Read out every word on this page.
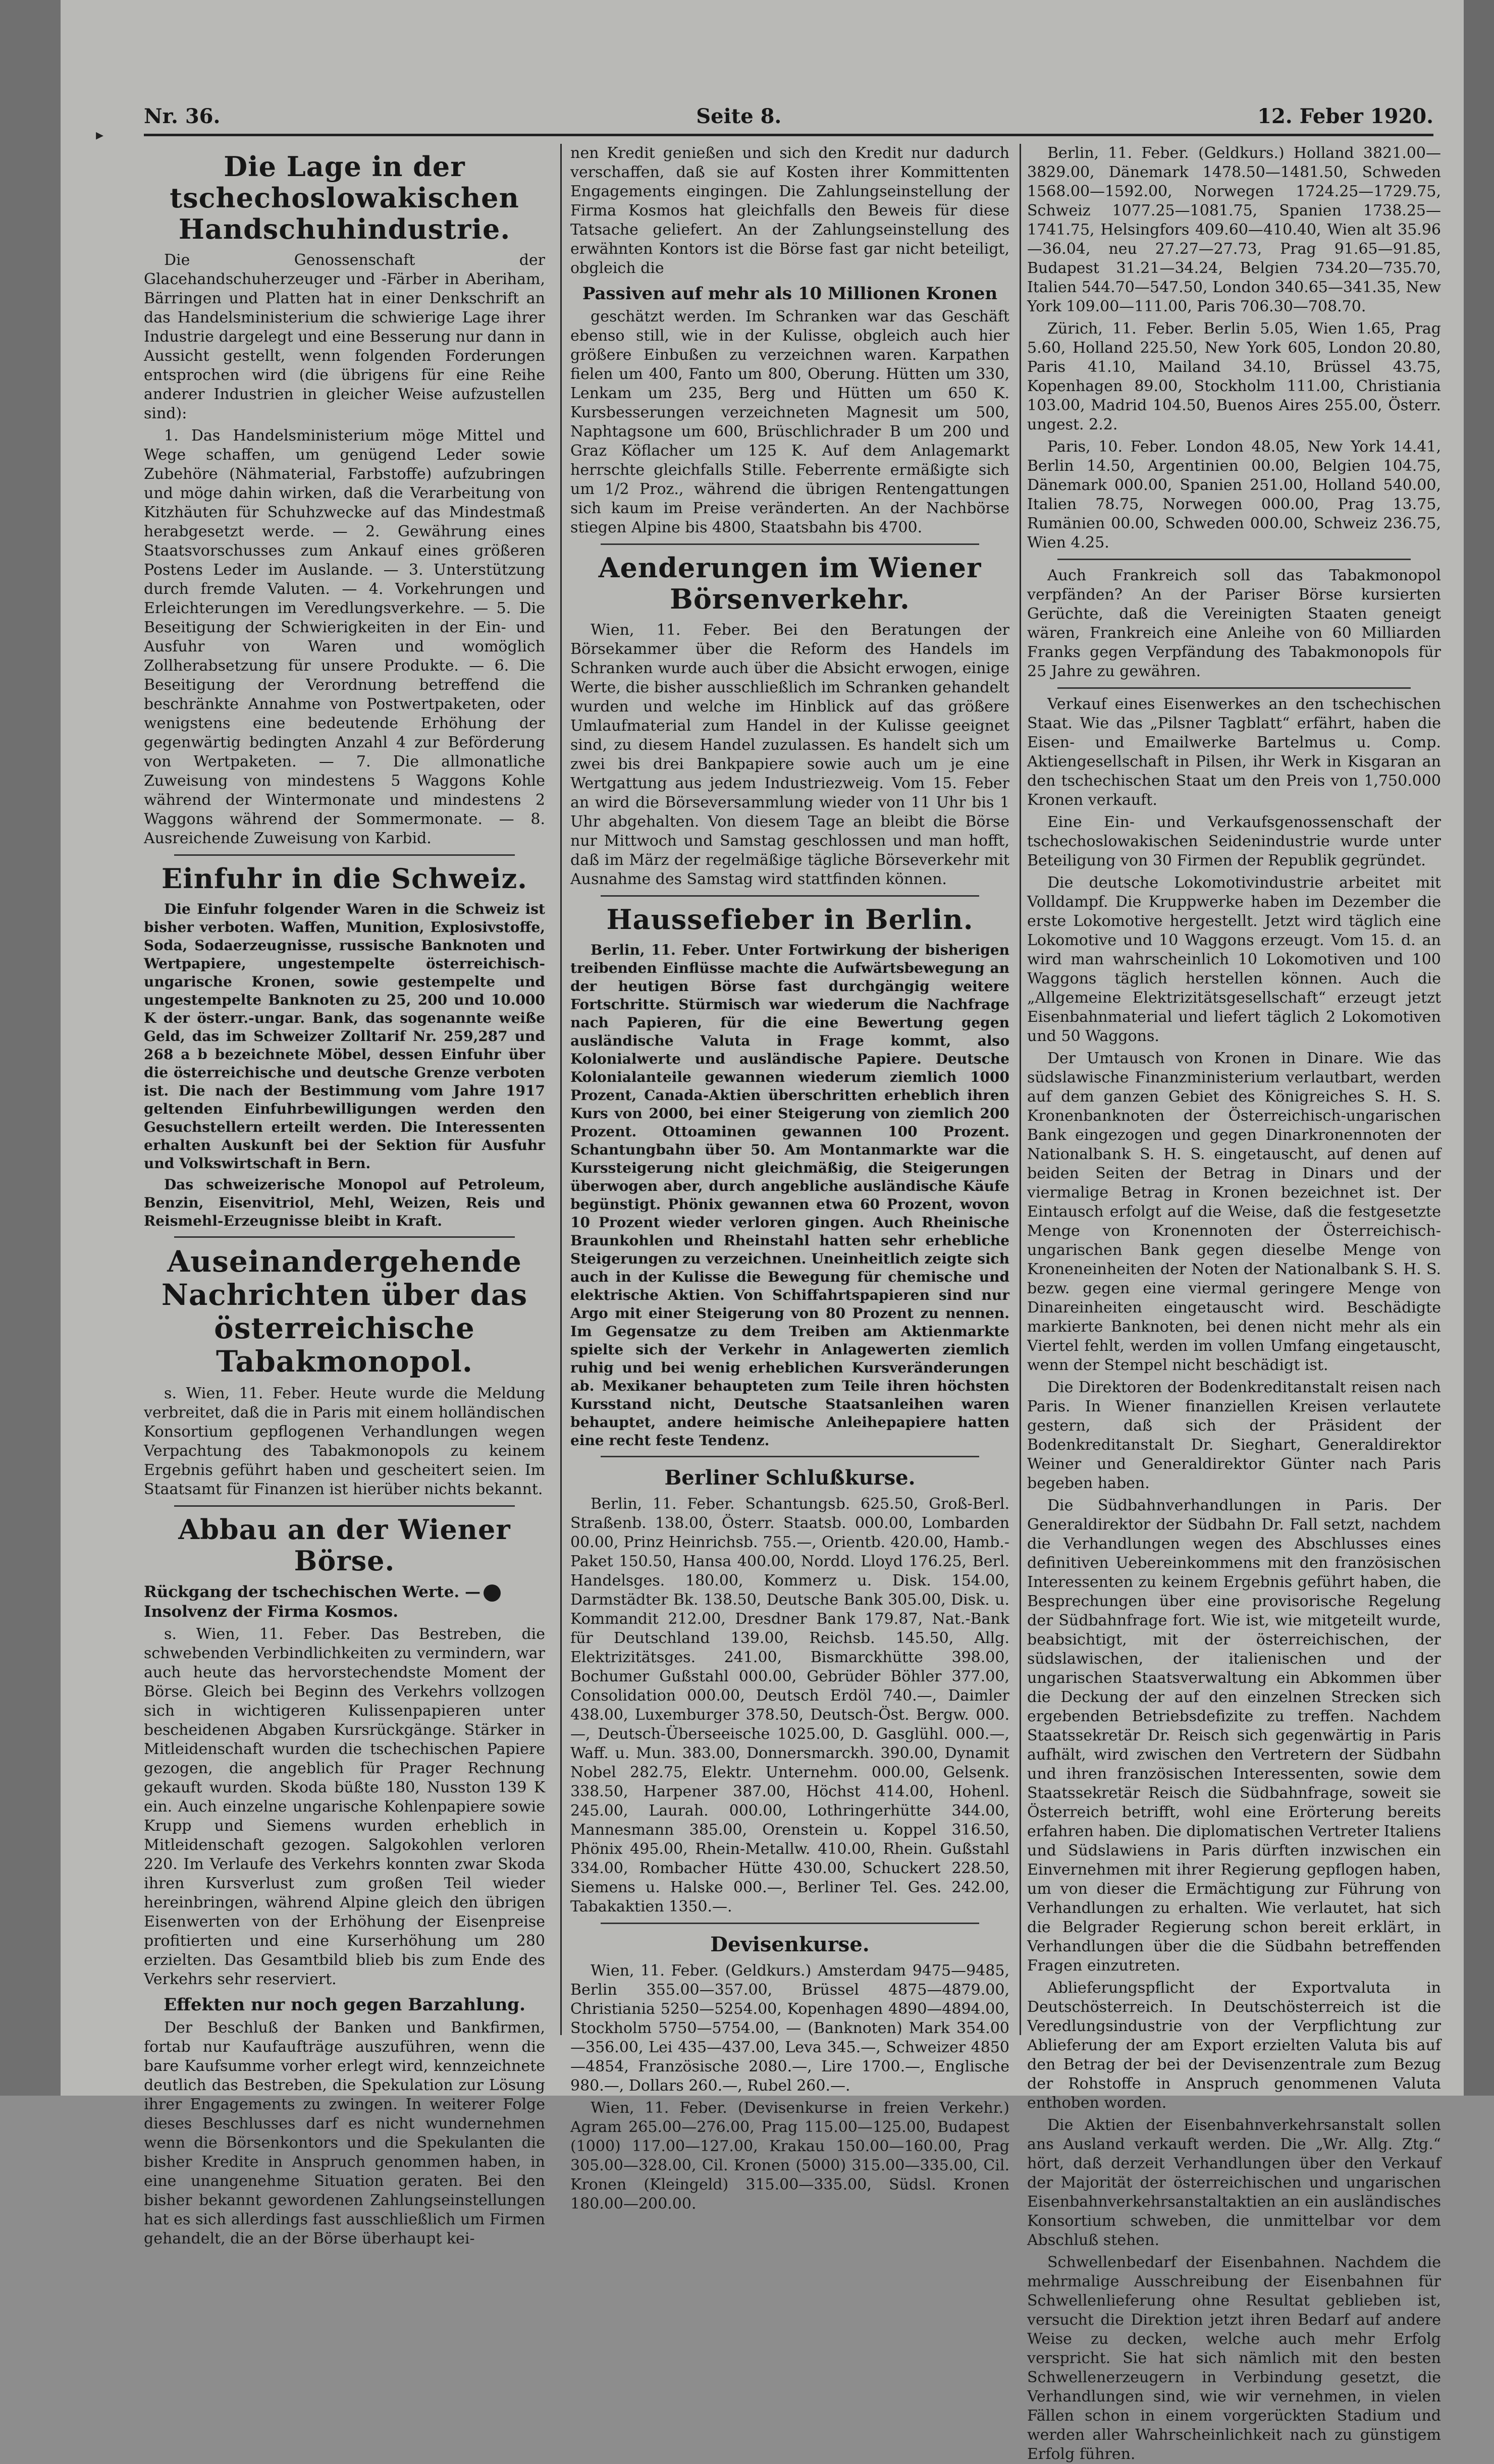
▸
Nr. 36.	Seite 8.	12. Feber 1920.
Die Lage in der tschechoslowakischen Handschuhindustrie.

Die Genossenschaft der Glacehandschuherzeuger und -Färber in Aberiham, Bärringen und Platten hat in einer Denkschrift an das Handelsministerium die schwierige Lage ihrer Industrie dargelegt und eine Besserung nur dann in Aussicht gestellt, wenn folgenden Forderungen entsprochen wird (die übrigens für eine Reihe anderer Industrien in gleicher Weise aufzustellen sind):

1. Das Handelsministerium möge Mittel und Wege schaffen, um genügend Leder sowie Zubehöre (Nähmaterial, Farbstoffe) aufzubringen und möge dahin wirken, daß die Verarbeitung von Kitzhäuten für Schuhzwecke auf das Mindestmaß herabgesetzt werde. — 2. Gewährung eines Staatsvorschusses zum Ankauf eines größeren Postens Leder im Auslande. — 3. Unterstützung durch fremde Valuten. — 4. Vorkehrungen und Erleichterungen im Veredlungsverkehre. — 5. Die Beseitigung der Schwierigkeiten in der Ein- und Ausfuhr von Waren und womöglich Zollherabsetzung für unsere Produkte. — 6. Die Beseitigung der Verordnung betreffend die beschränkte Annahme von Postwertpaketen, oder wenigstens eine bedeutende Erhöhung der gegenwärtig bedingten Anzahl 4 zur Beförderung von Wertpaketen. — 7. Die allmonatliche Zuweisung von mindestens 5 Waggons Kohle während der Wintermonate und mindestens 2 Waggons während der Sommermonate. — 8. Ausreichende Zuweisung von Karbid.

Einfuhr in die Schweiz.

Die Einfuhr folgender Waren in die Schweiz ist bisher verboten. Waffen, Munition, Explosivstoffe, Soda, Sodaerzeugnisse, russische Banknoten und Wertpapiere, ungestempelte österreichisch-ungarische Kronen, sowie gestempelte und ungestempelte Banknoten zu 25, 200 und 10.000 K der österr.-ungar. Bank, das sogenannte weiße Geld, das im Schweizer Zolltarif Nr. 259,287 und 268 a b bezeichnete Möbel, dessen Einfuhr über die österreichische und deutsche Grenze verboten ist. Die nach der Bestimmung vom Jahre 1917 geltenden Einfuhrbewilligungen werden den Gesuchstellern erteilt werden. Die Interessenten erhalten Auskunft bei der Sektion für Ausfuhr und Volkswirtschaft in Bern.

Das schweizerische Monopol auf Petroleum, Benzin, Eisenvitriol, Mehl, Weizen, Reis und Reismehl-Erzeugnisse bleibt in Kraft.

Auseinandergehende Nachrichten über das österreichische Tabakmonopol.

s. Wien, 11. Feber. Heute wurde die Meldung verbreitet, daß die in Paris mit einem holländischen Konsortium gepflogenen Verhandlungen wegen Verpachtung des Tabakmonopols zu keinem Ergebnis geführt haben und gescheitert seien. Im Staatsamt für Finanzen ist hierüber nichts bekannt.

Abbau an der Wiener Börse.

Rückgang der tschechischen Werte. —Insolvenz der Firma Kosmos.

s. Wien, 11. Feber. Das Bestreben, die schwebenden Verbindlichkeiten zu vermindern, war auch heute das hervorstechendste Moment der Börse. Gleich bei Beginn des Verkehrs vollzogen sich in wichtigeren Kulissenpapieren unter bescheidenen Abgaben Kursrückgänge. Stärker in Mitleidenschaft wurden die tschechischen Papiere gezogen, die angeblich für Prager Rechnung gekauft wurden. Skoda büßte 180, Nusston 139 K ein. Auch einzelne ungarische Kohlenpapiere sowie Krupp und Siemens wurden erheblich in Mitleidenschaft gezogen. Salgokohlen verloren 220. Im Verlaufe des Verkehrs konnten zwar Skoda ihren Kursverlust zum großen Teil wieder hereinbringen, während Alpine gleich den übrigen Eisenwerten von der Erhöhung der Eisenpreise profitierten und eine Kurserhöhung um 280 erzielten. Das Gesamtbild blieb bis zum Ende des Verkehrs sehr reserviert.

Effekten nur noch gegen Barzahlung.

Der Beschluß der Banken und Bankfirmen, fortab nur Kaufaufträge auszuführen, wenn die bare Kaufsumme vorher erlegt wird, kennzeichnete deutlich das Bestreben, die Spekulation zur Lösung ihrer Engagements zu zwingen. In weiterer Folge dieses Beschlusses darf es nicht wundernehmen wenn die Börsenkontors und die Spekulanten die bisher Kredite in Anspruch genommen haben, in eine unangenehme Situation geraten. Bei den bisher bekannt gewordenen Zahlungseinstellungen hat es sich allerdings fast ausschließlich um Firmen gehandelt, die an der Börse überhaupt kei-

nen Kredit genießen und sich den Kredit nur dadurch verschaffen, daß sie auf Kosten ihrer Kommittenten Engagements eingingen. Die Zahlungseinstellung der Firma Kosmos hat gleichfalls den Beweis für diese Tatsache geliefert. An der Zahlungseinstellung des erwähnten Kontors ist die Börse fast gar nicht beteiligt, obgleich die

Passiven auf mehr als 10 Millionen Kronen

geschätzt werden. Im Schranken war das Geschäft ebenso still, wie in der Kulisse, obgleich auch hier größere Einbußen zu verzeichnen waren. Karpathen fielen um 400, Fanto um 800, Oberung. Hütten um 330, Lenkam um 235, Berg und Hütten um 650 K. Kursbesserungen verzeichneten Magnesit um 500, Naphtagsone um 600, Brüschlichrader B um 200 und Graz Köflacher um 125 K. Auf dem Anlagemarkt herrschte gleichfalls Stille. Feberrente ermäßigte sich um 1/2 Proz., während die übrigen Rentengattungen sich kaum im Preise veränderten. An der Nachbörse stiegen Alpine bis 4800, Staatsbahn bis 4700.

Aenderungen im Wiener Börsenverkehr.

Wien, 11. Feber. Bei den Beratungen der Börsekammer über die Reform des Handels im Schranken wurde auch über die Absicht erwogen, einige Werte, die bisher ausschließlich im Schranken gehandelt wurden und welche im Hinblick auf das größere Umlaufmaterial zum Handel in der Kulisse geeignet sind, zu diesem Handel zuzulassen. Es handelt sich um zwei bis drei Bankpapiere sowie auch um je eine Wertgattung aus jedem Industriezweig. Vom 15. Feber an wird die Börseversammlung wieder von 11 Uhr bis 1 Uhr abgehalten. Von diesem Tage an bleibt die Börse nur Mittwoch und Samstag geschlossen und man hofft, daß im März der regelmäßige tägliche Börseverkehr mit Ausnahme des Samstag wird stattfinden können.

Haussefieber in Berlin.

Berlin, 11. Feber. Unter Fortwirkung der bisherigen treibenden Einflüsse machte die Aufwärtsbewegung an der heutigen Börse fast durchgängig weitere Fortschritte. Stürmisch war wiederum die Nachfrage nach Papieren, für die eine Bewertung gegen ausländische Valuta in Frage kommt, also Kolonialwerte und ausländische Papiere. Deutsche Kolonialanteile gewannen wiederum ziemlich 1000 Prozent, Canada-Aktien überschritten erheblich ihren Kurs von 2000, bei einer Steigerung von ziemlich 200 Prozent. Ottoaminen gewannen 100 Prozent. Schantungbahn über 50. Am Montanmarkte war die Kurssteigerung nicht gleichmäßig, die Steigerungen überwogen aber, durch angebliche ausländische Käufe begünstigt. Phönix gewannen etwa 60 Prozent, wovon 10 Prozent wieder verloren gingen. Auch Rheinische Braunkohlen und Rheinstahl hatten sehr erhebliche Steigerungen zu verzeichnen. Uneinheitlich zeigte sich auch in der Kulisse die Bewegung für chemische und elektrische Aktien. Von Schiffahrtspapieren sind nur Argo mit einer Steigerung von 80 Prozent zu nennen. Im Gegensatze zu dem Treiben am Aktienmarkte spielte sich der Verkehr in Anlagewerten ziemlich ruhig und bei wenig erheblichen Kursveränderungen ab. Mexikaner behaupteten zum Teile ihren höchsten Kursstand nicht, Deutsche Staatsanleihen waren behauptet, andere heimische Anleihepapiere hatten eine recht feste Tendenz.

Berliner Schlußkurse.

Berlin, 11. Feber. Schantungsb. 625.50, Groß-Berl. Straßenb. 138.00, Österr. Staatsb. 000.00, Lombarden 00.00, Prinz Heinrichsb. 755.—, Orientb. 420.00, Hamb.-Paket 150.50, Hansa 400.00, Nordd. Lloyd 176.25, Berl. Handelsges. 180.00, Kommerz u. Disk. 154.00, Darmstädter Bk. 138.50, Deutsche Bank 305.00, Disk. u. Kommandit 212.00, Dresdner Bank 179.87, Nat.-Bank für Deutschland 139.00, Reichsb. 145.50, Allg. Elektrizitätsges. 241.00, Bismarckhütte 398.00, Bochumer Gußstahl 000.00, Gebrüder Böhler 377.00, Consolidation 000.00, Deutsch Erdöl 740.—, Daimler 438.00, Luxemburger 378.50, Deutsch-Öst. Bergw. 000.—, Deutsch-Überseeische 1025.00, D. Gasglühl. 000.—, Waff. u. Mun. 383.00, Donnersmarckh. 390.00, Dynamit Nobel 282.75, Elektr. Unternehm. 000.00, Gelsenk. 338.50, Harpener 387.00, Höchst 414.00, Hohenl. 245.00, Laurah. 000.00, Lothringerhütte 344.00, Mannesmann 385.00, Orenstein u. Koppel 316.50, Phönix 495.00, Rhein-Metallw. 410.00, Rhein. Gußstahl 334.00, Rombacher Hütte 430.00, Schuckert 228.50, Siemens u. Halske 000.—, Berliner Tel. Ges. 242.00, Tabakaktien 1350.—.

Devisenkurse.

Wien, 11. Feber. (Geldkurs.) Amsterdam 9475—9485, Berlin 355.00—357.00, Brüssel 4875—4879.00, Christiania 5250—5254.00, Kopenhagen 4890—4894.00, Stockholm 5750—5754.00, — (Banknoten) Mark 354.00—356.00, Lei 435—437.00, Leva 345.—, Schweizer 4850—4854, Französische 2080.—, Lire 1700.—, Englische 980.—, Dollars 260.—, Rubel 260.—.

Wien, 11. Feber. (Devisenkurse in freien Verkehr.) Agram 265.00—276.00, Prag 115.00—125.00, Budapest (1000) 117.00—127.00, Krakau 150.00—160.00, Prag 305.00—328.00, Cil. Kronen (5000) 315.00—335.00, Cil. Kronen (Kleingeld) 315.00—335.00, Südsl. Kronen 180.00—200.00.

Berlin, 11. Feber. (Geldkurs.) Holland 3821.00—3829.00, Dänemark 1478.50—1481.50, Schweden 1568.00—1592.00, Norwegen 1724.25—1729.75, Schweiz 1077.25—1081.75, Spanien 1738.25—1741.75, Helsingfors 409.60—410.40, Wien alt 35.96—36.04, neu 27.27—27.73, Prag 91.65—91.85, Budapest 31.21—34.24, Belgien 734.20—735.70, Italien 544.70—547.50, London 340.65—341.35, New York 109.00—111.00, Paris 706.30—708.70.

Zürich, 11. Feber. Berlin 5.05, Wien 1.65, Prag 5.60, Holland 225.50, New York 605, London 20.80, Paris 41.10, Mailand 34.10, Brüssel 43.75, Kopenhagen 89.00, Stockholm 111.00, Christiania 103.00, Madrid 104.50, Buenos Aires 255.00, Österr. ungest. 2.2.

Paris, 10. Feber. London 48.05, New York 14.41, Berlin 14.50, Argentinien 00.00, Belgien 104.75, Dänemark 000.00, Spanien 251.00, Holland 540.00, Italien 78.75, Norwegen 000.00, Prag 13.75, Rumänien 00.00, Schweden 000.00, Schweiz 236.75, Wien 4.25.

Auch Frankreich soll das Tabakmonopol verpfänden? An der Pariser Börse kursierten Gerüchte, daß die Vereinigten Staaten geneigt wären, Frankreich eine Anleihe von 60 Milliarden Franks gegen Verpfändung des Tabakmonopols für 25 Jahre zu gewähren.

Verkauf eines Eisenwerkes an den tschechischen Staat. Wie das „Pilsner Tagblatt“ erfährt, haben die Eisen- und Emailwerke Bartelmus u. Comp. Aktiengesellschaft in Pilsen, ihr Werk in Kisgaran an den tschechischen Staat um den Preis von 1,750.000 Kronen verkauft.

Eine Ein- und Verkaufsgenossenschaft der tschechoslowakischen Seidenindustrie wurde unter Beteiligung von 30 Firmen der Republik gegründet.

Die deutsche Lokomotivindustrie arbeitet mit Volldampf. Die Kruppwerke haben im Dezember die erste Lokomotive hergestellt. Jetzt wird täglich eine Lokomotive und 10 Waggons erzeugt. Vom 15. d. an wird man wahrscheinlich 10 Lokomotiven und 100 Waggons täglich herstellen können. Auch die „Allgemeine Elektrizitätsgesellschaft“ erzeugt jetzt Eisenbahnmaterial und liefert täglich 2 Lokomotiven und 50 Waggons.

Der Umtausch von Kronen in Dinare. Wie das südslawische Finanzministerium verlautbart, werden auf dem ganzen Gebiet des Königreiches S. H. S. Kronenbanknoten der Österreichisch-ungarischen Bank eingezogen und gegen Dinarkronennoten der Nationalbank S. H. S. eingetauscht, auf denen auf beiden Seiten der Betrag in Dinars und der viermalige Betrag in Kronen bezeichnet ist. Der Eintausch erfolgt auf die Weise, daß die festgesetzte Menge von Kronennoten der Österreichisch-ungarischen Bank gegen dieselbe Menge von Kroneneinheiten der Noten der Nationalbank S. H. S. bezw. gegen eine viermal geringere Menge von Dinareinheiten eingetauscht wird. Beschädigte markierte Banknoten, bei denen nicht mehr als ein Viertel fehlt, werden im vollen Umfang eingetauscht, wenn der Stempel nicht beschädigt ist.

Die Direktoren der Bodenkreditanstalt reisen nach Paris. In Wiener finanziellen Kreisen verlautete gestern, daß sich der Präsident der Bodenkreditanstalt Dr. Sieghart, Generaldirektor Weiner und Generaldirektor Günter nach Paris begeben haben.

Die Südbahnverhandlungen in Paris. Der Generaldirektor der Südbahn Dr. Fall setzt, nachdem die Verhandlungen wegen des Abschlusses eines definitiven Uebereinkommens mit den französischen Interessenten zu keinem Ergebnis geführt haben, die Besprechungen über eine provisorische Regelung der Südbahnfrage fort. Wie ist, wie mitgeteilt wurde, beabsichtigt, mit der österreichischen, der südslawischen, der italienischen und der ungarischen Staatsverwaltung ein Abkommen über die Deckung der auf den einzelnen Strecken sich ergebenden Betriebsdefizite zu treffen. Nachdem Staatssekretär Dr. Reisch sich gegenwärtig in Paris aufhält, wird zwischen den Vertretern der Südbahn und ihren französischen Interessenten, sowie dem Staatssekretär Reisch die Südbahnfrage, soweit sie Österreich betrifft, wohl eine Erörterung bereits erfahren haben. Die diplomatischen Vertreter Italiens und Südslawiens in Paris dürften inzwischen ein Einvernehmen mit ihrer Regierung gepflogen haben, um von dieser die Ermächtigung zur Führung von Verhandlungen zu erhalten. Wie verlautet, hat sich die Belgrader Regierung schon bereit erklärt, in Verhandlungen über die die Südbahn betreffenden Fragen einzutreten.

Ablieferungspflicht der Exportvaluta in Deutschösterreich. In Deutschösterreich ist die Veredlungsindustrie von der Verpflichtung zur Ablieferung der am Export erzielten Valuta bis auf den Betrag der bei der Devisenzentrale zum Bezug der Rohstoffe in Anspruch genommenen Valuta enthoben worden.

Die Aktien der Eisenbahnverkehrsanstalt sollen ans Ausland verkauft werden. Die „Wr. Allg. Ztg.“ hört, daß derzeit Verhandlungen über den Verkauf der Majorität der österreichischen und ungarischen Eisenbahnverkehrsanstaltaktien an ein ausländisches Konsortium schweben, die unmittelbar vor dem Abschluß stehen.

Schwellenbedarf der Eisenbahnen. Nachdem die mehrmalige Ausschreibung der Eisenbahnen für Schwellenlieferung ohne Resultat geblieben ist, versucht die Direktion jetzt ihren Bedarf auf andere Weise zu decken, welche auch mehr Erfolg verspricht. Sie hat sich nämlich mit den besten Schwellenerzeugern in Verbindung gesetzt, die Verhandlungen sind, wie wir vernehmen, in vielen Fällen schon in einem vorgerückten Stadium und werden aller Wahrscheinlichkeit nach zu günstigem Erfolg führen.
